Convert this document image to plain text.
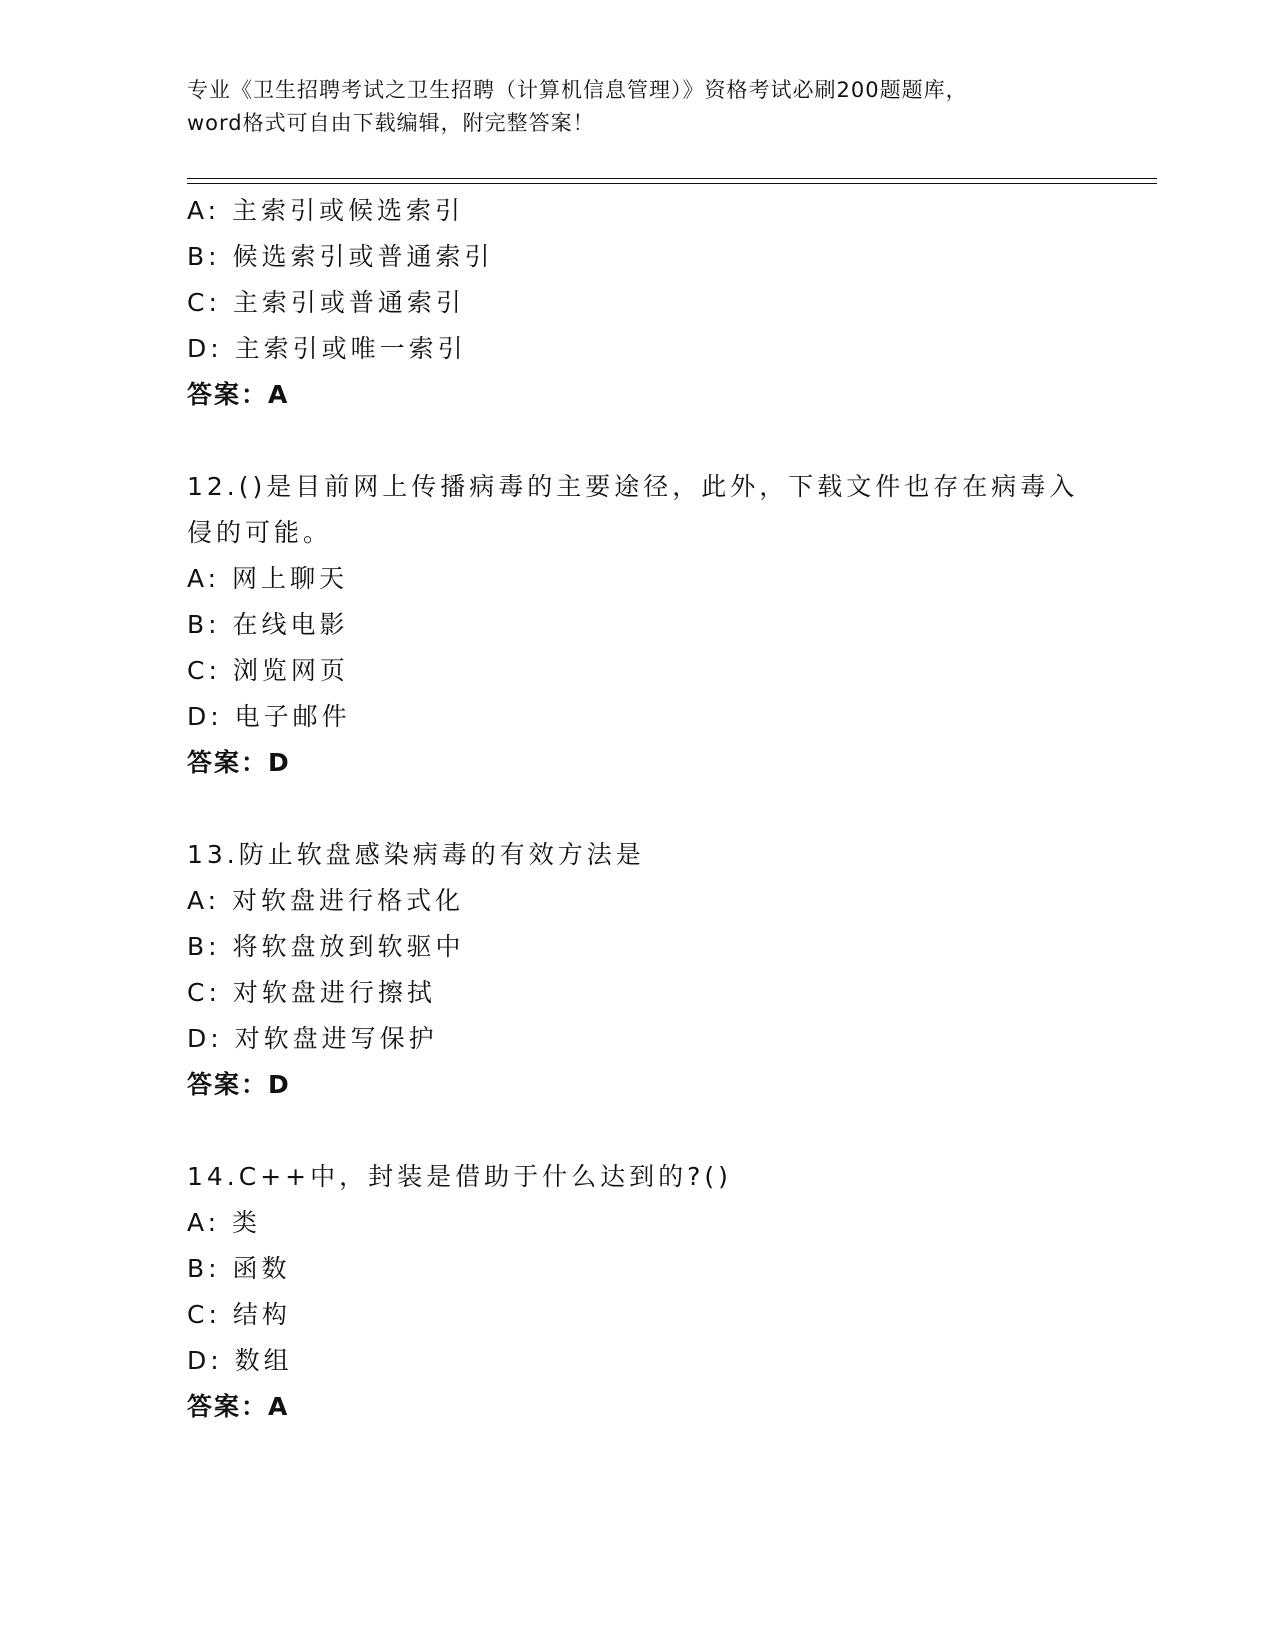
专业《卫生招聘考试之卫生招聘（计算机信息管理）》资格考试必刷200题题库，
word格式可自由下载编辑，附完整答案！
A: 主索引或候选索引
B: 候选索引或普通索引
C: 主索引或普通索引
D: 主索引或唯一索引
答案：A
12.()是目前网上传播病毒的主要途径，此外，下载文件也存在病毒入
侵的可能。
A: 网上聊天
B: 在线电影
C: 浏览网页
D: 电子邮件
答案：D
13.防止软盘感染病毒的有效方法是
A: 对软盘进行格式化
B: 将软盘放到软驱中
C: 对软盘进行擦拭
D: 对软盘进写保护
答案：D
14.C++中，封装是借助于什么达到的?()
A: 类
B: 函数
C: 结构
D: 数组
答案：A
